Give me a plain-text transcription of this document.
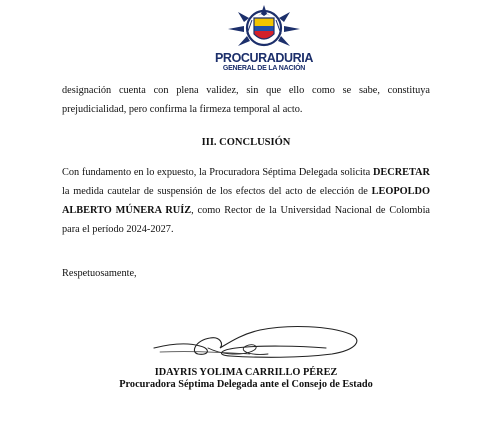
PROCURADURIA
GENERAL DE LA NACIÓN
designación cuenta con plena validez, sin que ello como se sabe, constituya prejudicialidad, pero confirma la firmeza temporal al acto.
III. CONCLUSIÓN
Con fundamento en lo expuesto, la Procuradora Séptima Delegada solicita DECRETAR la medida cautelar de suspensión de los efectos del acto de elección de LEOPOLDO ALBERTO MÚNERA RUÍZ, como Rector de la Universidad Nacional de Colombia para el período 2024-2027.
Respetuosamente,
IDAYRIS YOLIMA CARRILLO PÉREZ
Procuradora Séptima Delegada ante el Consejo de Estado
